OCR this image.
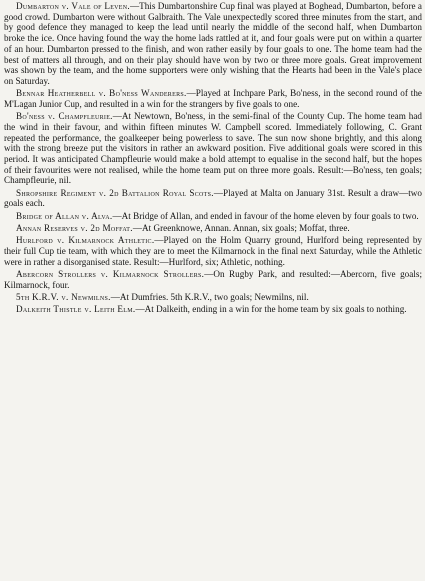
Dumbarton v. Vale of Leven.—This Dumbartonshire Cup final was played at Boghead, Dumbarton, before a good crowd. Dumbarton were without Galbraith. The Vale unexpectedly scored three minutes from the start, and by good defence they managed to keep the lead until nearly the middle of the second half, when Dumbarton broke the ice. Once having found the way the home lads rattled at it, and four goals were put on within a quarter of an hour. Dumbarton pressed to the finish, and won rather easily by four goals to one. The home team had the best of matters all through, and on their play should have won by two or three more goals. Great improvement was shown by the team, and the home supporters were only wishing that the Hearts had been in the Vale's place on Saturday.

Bennar Heatherbell v. Bo'ness Wanderers.—Played at Inchpare Park, Bo'ness, in the second round of the M'Lagan Junior Cup, and resulted in a win for the strangers by five goals to one.

Bo'ness v. Champfleurie.—At Newtown, Bo'ness, in the semi-final of the County Cup. The home team had the wind in their favour, and within fifteen minutes W. Campbell scored. Immediately following, C. Grant repeated the performance, the goalkeeper being powerless to save. The sun now shone brightly, and this along with the strong breeze put the visitors in rather an awkward position. Five additional goals were scored in this period. It was anticipated Champfleurie would make a bold attempt to equalise in the second half, but the hopes of their favourites were not realised, while the home team put on three more goals. Result:—Bo'ness, ten goals; Champfleurie, nil.

Shropshire Regiment v. 2d Battalion Royal Scots.—Played at Malta on January 31st. Result a draw—two goals each.

Bridge of Allan v. Alva.—At Bridge of Allan, and ended in favour of the home eleven by four goals to two.

Annan Reserves v. 2d Moffat.—At Greenknowe, Annan. Annan, six goals; Moffat, three.

Hurlford v. Kilmarnock Athletic.—Played on the Holm Quarry ground, Hurlford being represented by their full Cup tie team, with which they are to meet the Kilmarnock in the final next Saturday, while the Athletic were in rather a disorganised state. Result:—Hurlford, six; Athletic, nothing.

Abercorn Strollers v. Kilmarnock Strollers.—On Rugby Park, and resulted:—Abercorn, five goals; Kilmarnock, four.

5th K.R.V. v. Newmilns.—At Dumfries. 5th K.R.V., two goals; Newmilns, nil.

Dalkeith Thistle v. Leith Elm.—At Dalkeith, ending in a win for the home team by six goals to nothing.
